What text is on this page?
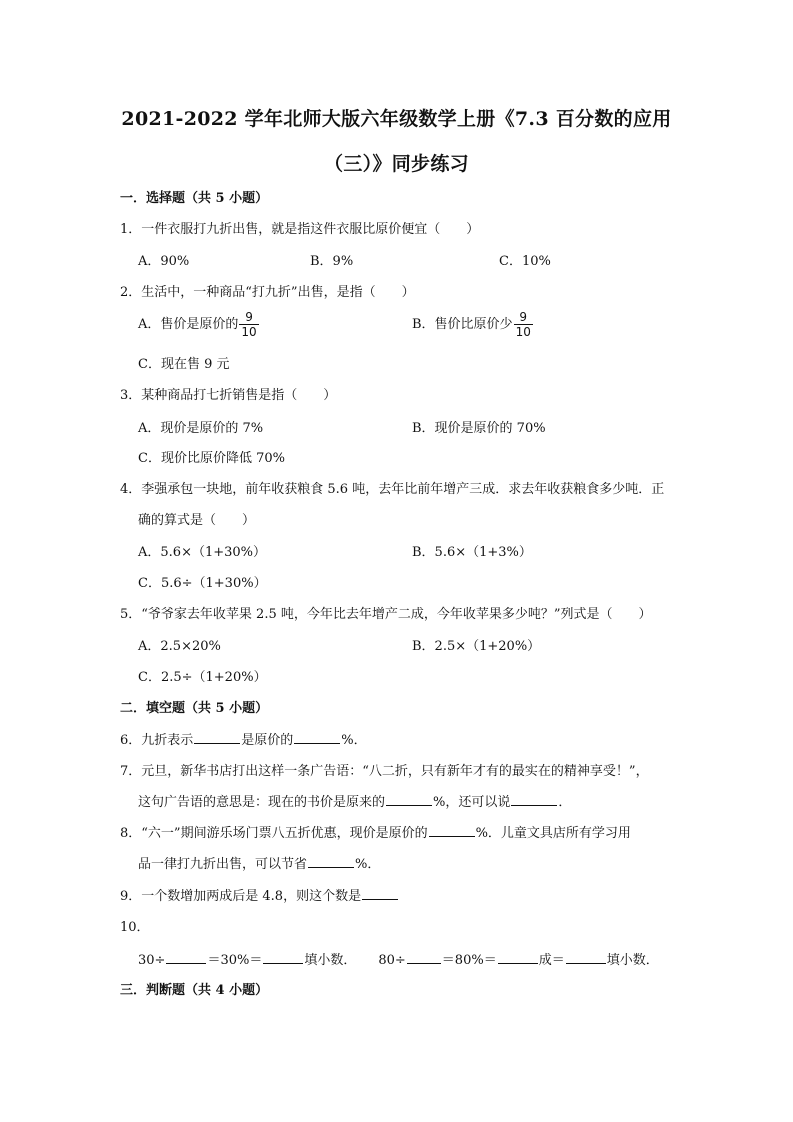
2021-2022 学年北师大版六年级数学上册《7.3 百分数的应用
（三）》同步练习
一．选择题（共 5 小题）
1．一件衣服打九折出售，就是指这件衣服比原价便宜（　　）
A．90%	B．9%	C．10%
2．生活中，一种商品“打九折”出售，是指（　　）
A．售价是原价的 $\frac{9}{10}$	B．售价比原价少 $\frac{9}{10}$
C．现在售 9 元
3．某种商品打七折销售是指（　　）
A．现价是原价的 7%	B．现价是原价的 70%
C．现价比原价降低 70%
4．李强承包一块地，前年收获粮食 5.6 吨，去年比前年增产三成．求去年收获粮食多少吨．正
确的算式是（　　）
A．5.6×（1+30%）	B．5.6×（1+3%）
C．5.6÷（1+30%）
5．“爷爷家去年收苹果 2.5 吨，今年比去年增产二成，今年收苹果多少吨？”列式是（　　）
A．2.5×20%	B．2.5×（1+20%）
C．2.5÷（1+20%）
二．填空题（共 5 小题）
6．九折表示	是原价的	%．
7．元旦，新华书店打出这样一条广告语：“八二折，只有新年才有的最实在的精神享受！”，
这句广告语的意思是：现在的书价是原来的	%，还可以说	．
8．“六一”期间游乐场门票八五折优惠，现价是原价的	%．儿童文具店所有学习用
品一律打九折出售，可以节省	%．
9．一个数增加两成后是 4.8，则这个数是
10．
30÷	＝30%＝	填小数． 80÷	＝80%＝	成＝	填小数．
三．判断题（共 4 小题）
